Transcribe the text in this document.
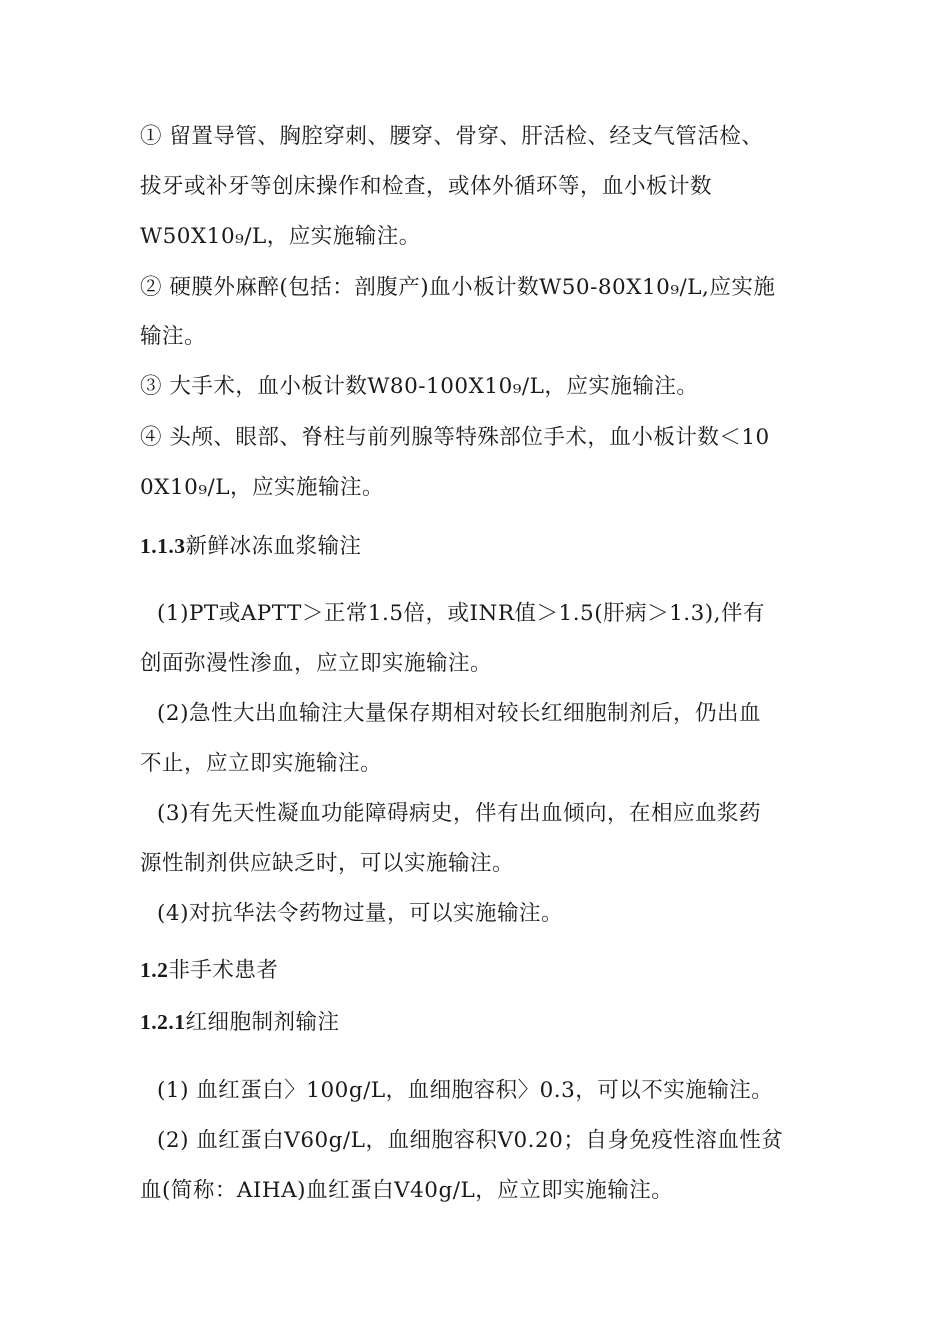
① 留置导管、胸腔穿刺、腰穿、骨穿、肝活检、经支气管活检、
拔牙或补牙等创床操作和检查，或体外循环等，血小板计数
W50X10₉/L，应实施输注。
② 硬膜外麻醉(包括：剖腹产)血小板计数W50-80X10₉/L,应实施
输注。
③ 大手术，血小板计数W80-100X10₉/L，应实施输注。
④ 头颅、眼部、脊柱与前列腺等特殊部位手术，血小板计数＜10
0X10₉/L，应实施输注。
1.1.3新鲜冰冻血浆输注
(1)PT或APTT＞正常1.5倍，或INR值＞1.5(肝病＞1.3),伴有
创面弥漫性渗血，应立即实施输注。
(2)急性大出血输注大量保存期相对较长红细胞制剂后，仍出血
不止，应立即实施输注。
(3)有先天性凝血功能障碍病史，伴有出血倾向，在相应血浆药
源性制剂供应缺乏时，可以实施输注。
(4)对抗华法令药物过量，可以实施输注。
1.2非手术患者
1.2.1红细胞制剂输注
(1) 血红蛋白〉100g/L，血细胞容积〉0.3，可以不实施输注。
(2) 血红蛋白V60g/L，血细胞容积V0.20；自身免疫性溶血性贫
血(简称：AIHA)血红蛋白V40g/L，应立即实施输注。
